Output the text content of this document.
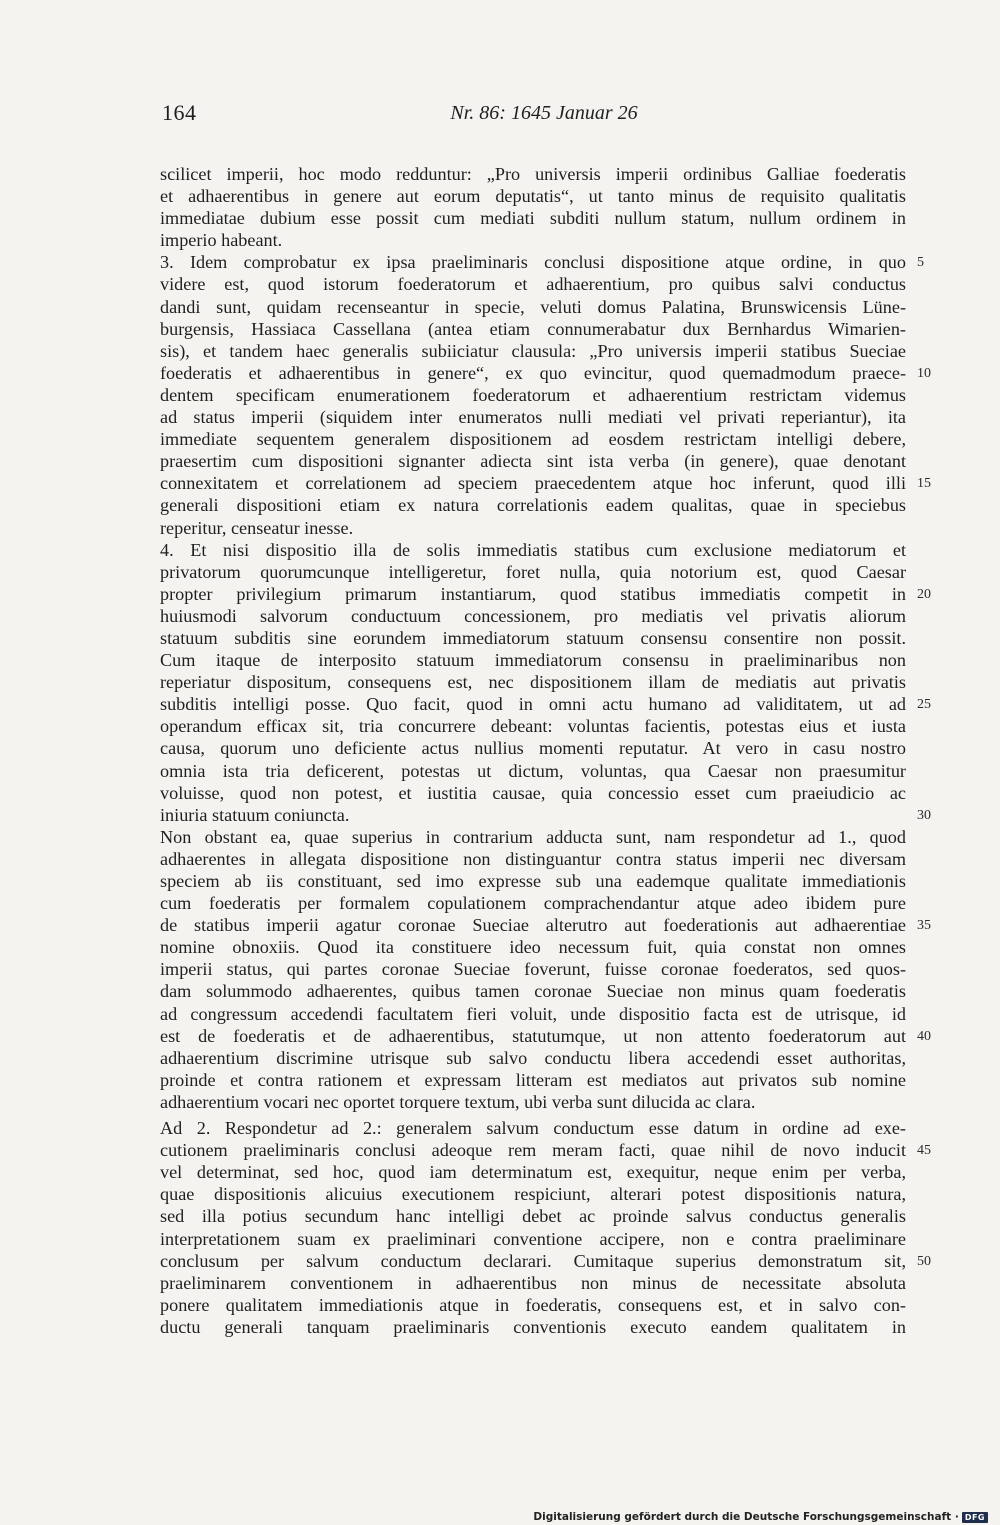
164	Nr. 86: 1645 Januar 26
scilicet imperii, hoc modo redduntur: „Pro universis imperii ordinibus Galliae foederatis
et adhaerentibus in genere aut eorum deputatis“, ut tanto minus de requisito qualitatis
immediatae dubium esse possit cum mediati subditi nullum statum, nullum ordinem in
imperio habeant.
3. Idem comprobatur ex ipsa praeliminaris conclusi dispositione atque ordine, in quo 5
videre est, quod istorum foederatorum et adhaerentium, pro quibus salvi conductus
dandi sunt, quidam recenseantur in specie, veluti domus Palatina, Brunswicensis Lüne-
burgensis, Hassiaca Cassellana (antea etiam connumerabatur dux Bernhardus Wimarien-
sis), et tandem haec generalis subiiciatur clausula: „Pro universis imperii statibus Sueciae
foederatis et adhaerentibus in genere“, ex quo evincitur, quod quemadmodum praece- 10
dentem specificam enumerationem foederatorum et adhaerentium restrictam videmus
ad status imperii (siquidem inter enumeratos nulli mediati vel privati reperiantur), ita
immediate sequentem generalem dispositionem ad eosdem restrictam intelligi debere,
praesertim cum dispositioni signanter adiecta sint ista verba (in genere), quae denotant
connexitatem et correlationem ad speciem praecedentem atque hoc inferunt, quod illi 15
generali dispositioni etiam ex natura correlationis eadem qualitas, quae in speciebus
reperitur, censeatur inesse.
4. Et nisi dispositio illa de solis immediatis statibus cum exclusione mediatorum et
privatorum quorumcunque intelligeretur, foret nulla, quia notorium est, quod Caesar
propter privilegium primarum instantiarum, quod statibus immediatis competit in 20
huiusmodi salvorum conductuum concessionem, pro mediatis vel privatis aliorum
statuum subditis sine eorundem immediatorum statuum consensu consentire non possit.
Cum itaque de interposito statuum immediatorum consensu in praeliminaribus non
reperiatur dispositum, consequens est, nec dispositionem illam de mediatis aut privatis
subditis intelligi posse. Quo facit, quod in omni actu humano ad validitatem, ut ad 25
operandum efficax sit, tria concurrere debeant: voluntas facientis, potestas eius et iusta
causa, quorum uno deficiente actus nullius momenti reputatur. At vero in casu nostro
omnia ista tria deficerent, potestas ut dictum, voluntas, qua Caesar non praesumitur
voluisse, quod non potest, et iustitia causae, quia concessio esset cum praeiudicio ac
iniuria statuum coniuncta.	30
Non obstant ea, quae superius in contrarium adducta sunt, nam respondetur ad 1., quod
adhaerentes in allegata dispositione non distinguantur contra status imperii nec diversam
speciem ab iis constituant, sed imo expresse sub una eademque qualitate immediationis
cum foederatis per formalem copulationem comprachendantur atque adeo ibidem pure
de statibus imperii agatur coronae Sueciae alterutro aut foederationis aut adhaerentiae 35
nomine obnoxiis. Quod ita constituere ideo necessum fuit, quia constat non omnes
imperii status, qui partes coronae Sueciae foverunt, fuisse coronae foederatos, sed quos-
dam solummodo adhaerentes, quibus tamen coronae Sueciae non minus quam foederatis
ad congressum accedendi facultatem fieri voluit, unde dispositio facta est de utrisque, id
est de foederatis et de adhaerentibus, statutumque, ut non attento foederatorum aut 40
adhaerentium discrimine utrisque sub salvo conductu libera accedendi esset authoritas,
proinde et contra rationem et expressam litteram est mediatos aut privatos sub nomine
adhaerentium vocari nec oportet torquere textum, ubi verba sunt dilucida ac clara.
Ad 2. Respondetur ad 2.: generalem salvum conductum esse datum in ordine ad exe-
cutionem praeliminaris conclusi adeoque rem meram facti, quae nihil de novo inducit 45
vel determinat, sed hoc, quod iam determinatum est, exequitur, neque enim per verba,
quae dispositionis alicuius executionem respiciunt, alterari potest dispositionis natura,
sed illa potius secundum hanc intelligi debet ac proinde salvus conductus generalis
interpretationem suam ex praeliminari conventione accipere, non e contra praeliminare
conclusum per salvum conductum declarari. Cumitaque superius demonstratum sit, 50
praeliminarem conventionem in adhaerentibus non minus de necessitate absoluta
ponere qualitatem immediationis atque in foederatis, consequens est, et in salvo con-
ductu generali tanquam praeliminaris conventionis executo eandem qualitatem in
Digitalisierung gefördert durch die Deutsche Forschungsgemeinschaft · DFG
